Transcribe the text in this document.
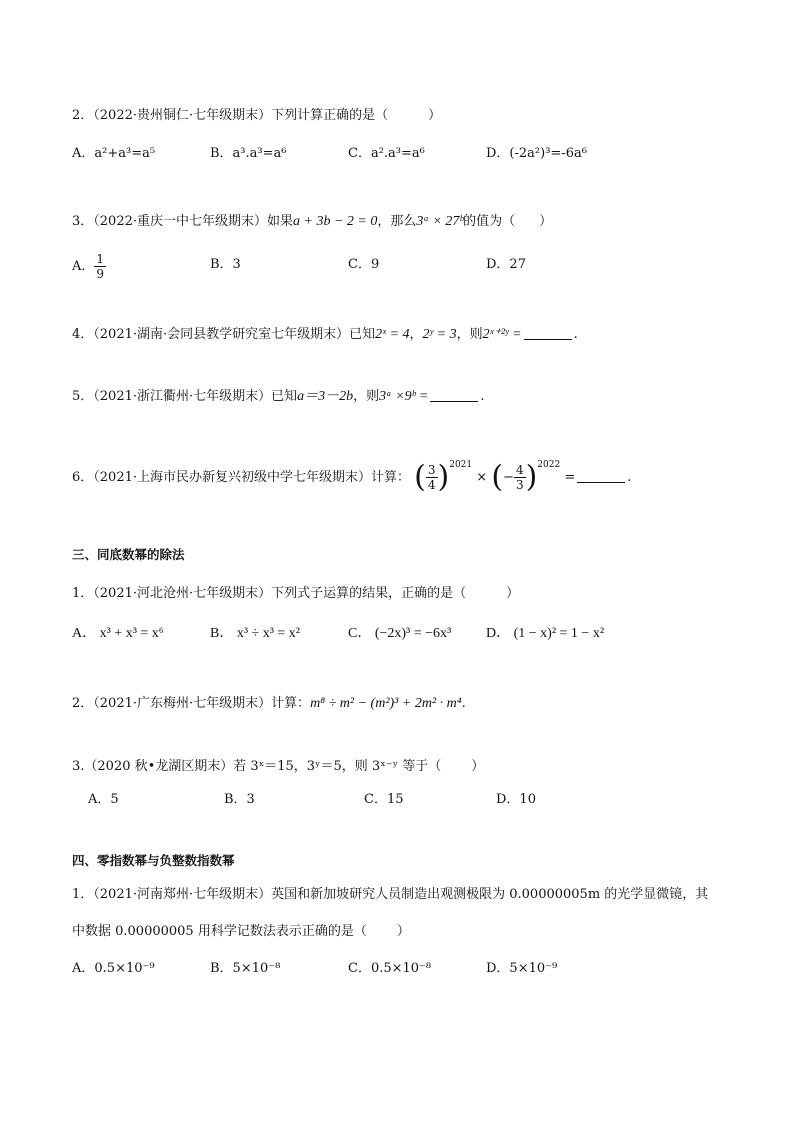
2．（2022·贵州铜仁·七年级期末）下列计算正确的是（	）
A．a²+a³=a⁵	B．a³.a³=a⁶	C．a².a³=a⁶	D．(-2a²)³=-6a⁶
3．（2022·重庆一中七年级期末）如果a + 3b − 2 = 0，那么3ᵃ × 27ᵇ的值为（ ）
A． $\frac{1}{9}$	B．3	C．9	D．27
4．（2021·湖南·会同县教学研究室七年级期末）已知2ˣ = 4，2ʸ = 3，则2ˣ⁺²ʸ =	.
5．（2021·浙江衢州·七年级期末）已知a＝3－2b，则3ᵃ ×9ᵇ =	.
6．（2021·上海市民办新复兴初级中学七年级期末）计算： ( $\frac{3}{4} )^{2021}$ × (− $\frac{4}{3} )^{2022}$ =	.
三、同底数幂的除法
1．（2021·河北沧州·七年级期末）下列式子运算的结果，正确的是（	）
A． x³ + x³ = x⁶	B． x³ ÷ x³ = x²	C． (−2x)³ = −6x³ D． (1 − x)² = 1 − x²
2．（2021·广东梅州·七年级期末）计算：m⁸ ÷ m² − (m²)³ + 2m² · m⁴.
3.（2020 秋•龙湖区期末）若 3ˣ＝15，3ʸ＝5，则 3ˣ⁻ʸ 等于（ ）
A．5	B．3	C．15	D．10
四、零指数幂与负整数指数幂
1．（2021·河南郑州·七年级期末）英国和新加坡研究人员制造出观测极限为 0.00000005m 的光学显微镜，其
中数据 0.00000005 用科学记数法表示正确的是（ ）
A．0.5×10⁻⁹	B．5×10⁻⁸	C．0.5×10⁻⁸	D．5×10⁻⁹
